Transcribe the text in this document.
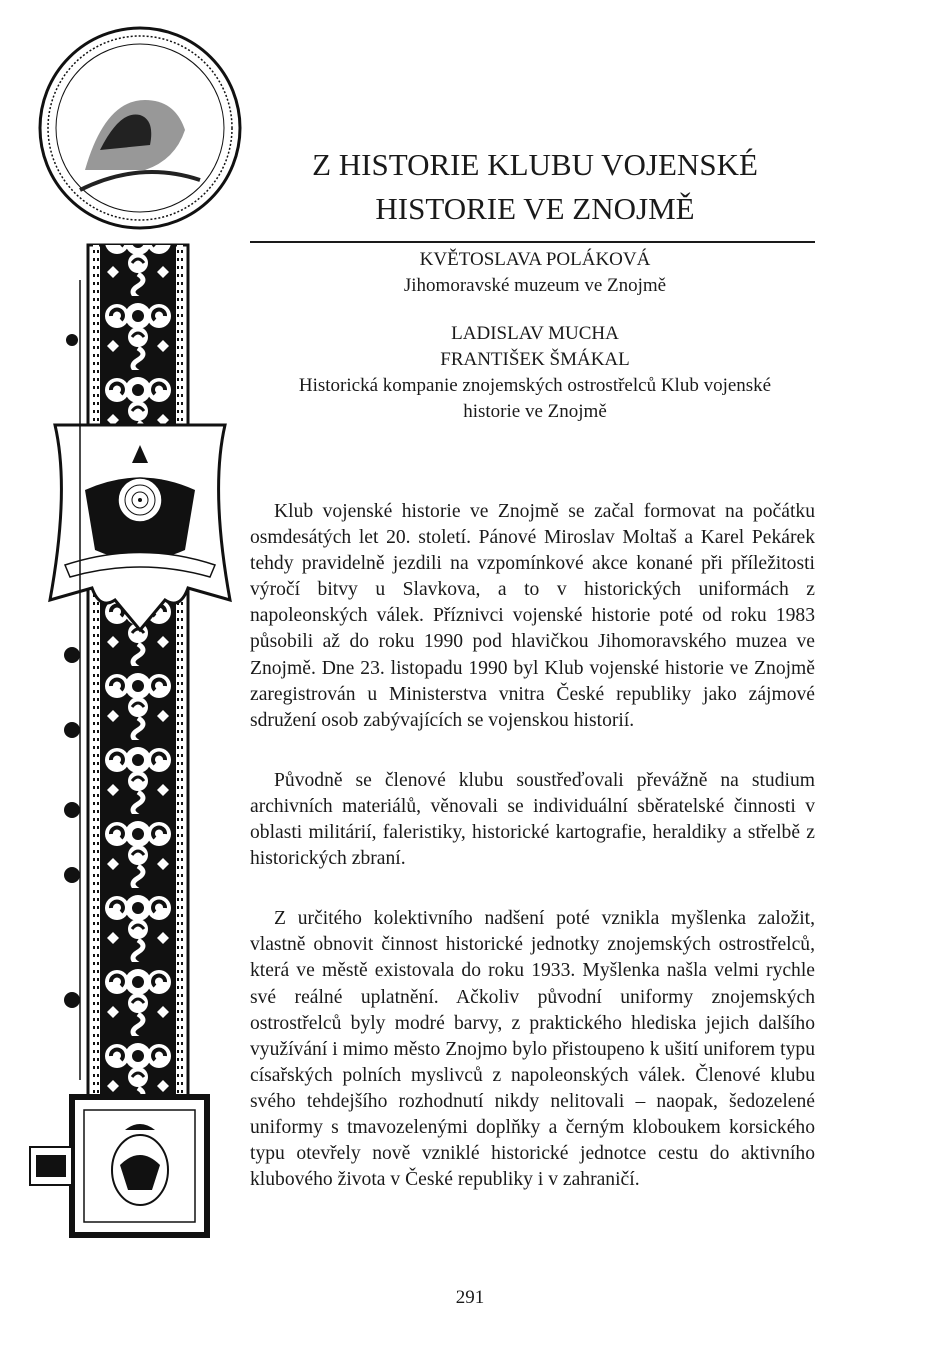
Z HISTORIE KLUBU VOJENSKÉ
HISTORIE VE ZNOJMĚ
KVĚTOSLAVA POLÁKOVÁ
Jihomoravské muzeum ve Znojmě
LADISLAV MUCHA
FRANTIŠEK ŠMÁKAL
Historická kompanie znojemských ostrostřelců Klub vojenské
historie ve Znojmě

Klub vojenské historie ve Znojmě se začal formovat na počátku osmdesátých let 20. století. Pánové Miroslav Moltaš a Karel Pekárek tehdy pravidelně jezdili na vzpomínkové akce konané při příležitosti výročí bitvy u Slavkova, a to v historických uniformách z napoleonských válek. Příznivci vojenské historie poté od roku 1983 působili až do roku 1990 pod hlavičkou Jihomoravského muzea ve Znojmě. Dne 23. listopadu 1990 byl Klub vojenské historie ve Znojmě zaregistrován u Ministerstva vnitra České republiky jako zájmové sdružení osob zabývajících se vojenskou historií.

Původně se členové klubu soustřeďovali převážně na studium archivních materiálů, věnovali se individuální sběratelské činnosti v oblasti militárií, faleristiky, historické kartografie, heraldiky a střelbě z historických zbraní.

Z určitého kolektivního nadšení poté vznikla myšlenka založit, vlastně obnovit činnost historické jednotky znojemských ostrostřelců, která ve městě existovala do roku 1933. Myšlenka našla velmi rychle své reálné uplatnění. Ačkoliv původní uniformy znojemských ostrostřelců byly modré barvy, z praktického hlediska jejich dalšího využívání i mimo město Znojmo bylo přistoupeno k ušití uniforem typu císařských polních myslivců z napoleonských válek. Členové klubu svého tehdejšího rozhodnutí nikdy nelitovali – naopak, šedozelené uniformy s tmavozelenými doplňky a černým kloboukem korsického typu otevřely nově vzniklé historické jednotce cestu do aktivního klubového života v České republiky i v zahraničí.

291
